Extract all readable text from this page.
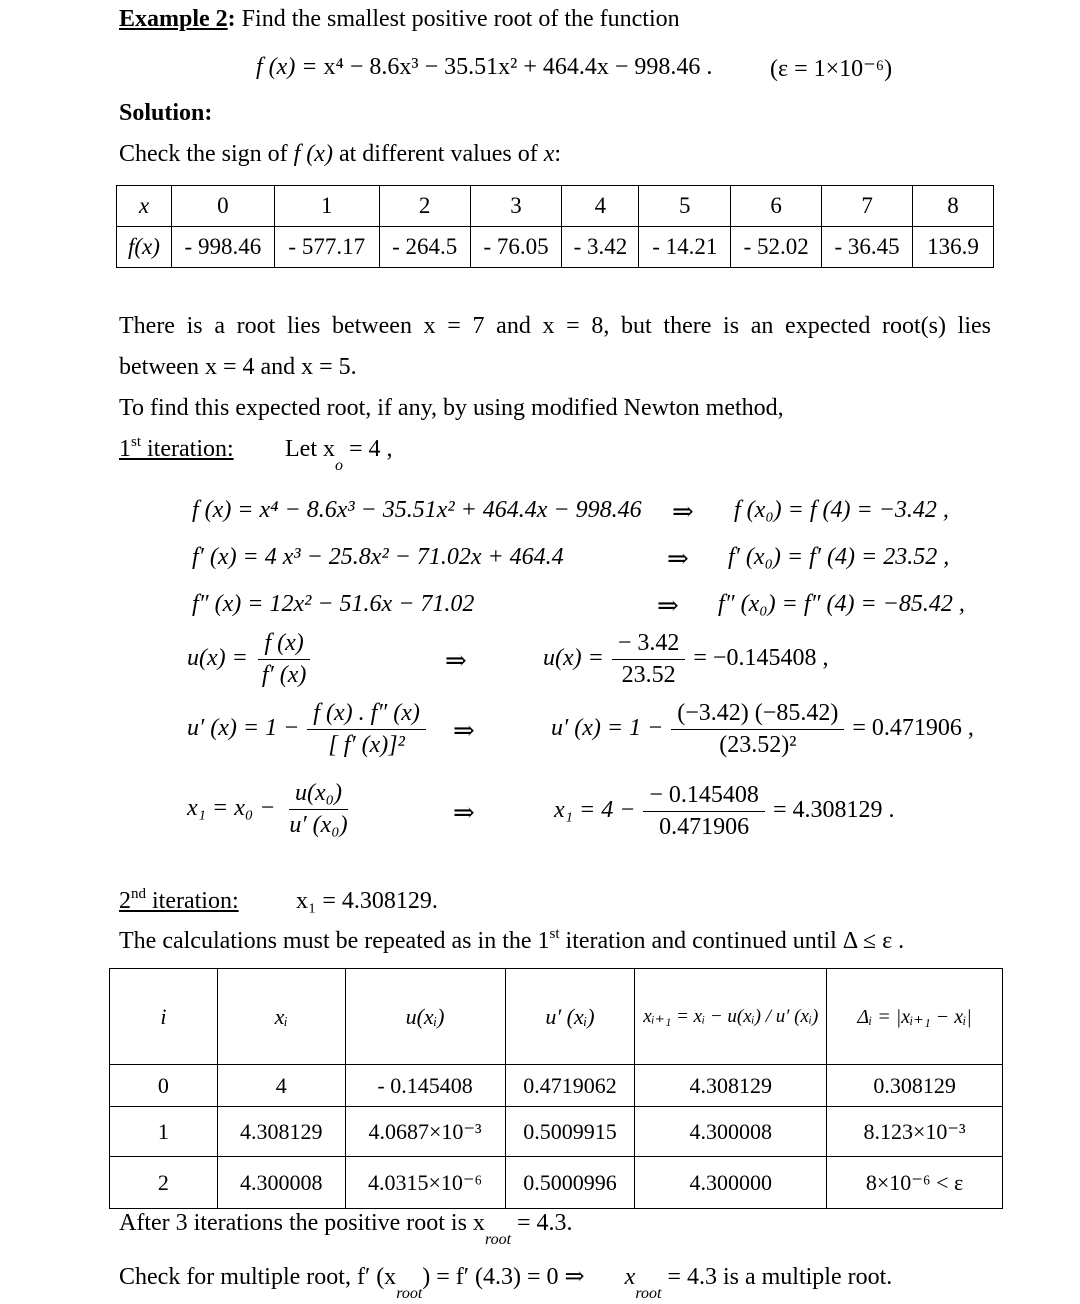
Example 2: Find the smallest positive root of the function
f (x) = x⁴ − 8.6x³ − 35.51x² + 464.4x − 998.46 . (ε = 1×10⁻⁶)
Solution:
Check the sign of f (x) at different values of x:
x	0	1	2	3	4	5	6	7	8
f(x)	- 998.46	- 577.17	- 264.5	- 76.05	- 3.42	- 14.21	- 52.02	- 36.45	136.9
There is a root lies between x = 7 and x = 8, but there is an expected root(s) lies
between x = 4 and x = 5.
To find this expected root, if any, by using modified Newton method,
1st iteration: Let $x_o = 4$ ,
f (x) = x⁴ − 8.6x³ − 35.51x² + 464.4x − 998.46 ⇒ f (x₀) = f (4) = −3.42 ,
f′ (x) = 4 x³ − 25.8x² − 71.02x + 464.4	⇒ f′ (x₀) = f′ (4) = 23.52 ,
f″ (x) = 12x² − 51.6x − 71.02	⇒ f″ (x₀) = f″ (4) = −85.42 ,
$u(x) = \frac{f (x)}{f' (x)}$	⇒	$u(x) = \frac{- 3.42}{23.52} = -0.145408$ ,
u′ $(x) = 1 - \frac{f (x) . f'' (x)}{\text{[ f′ (x)]²}}$ ⇒	u′ $(x) = 1 - \frac{(-3.42) (-85.42)}{\text{(23.52)²}} = 0.471906$ ,
$x_1 = x_0 - \frac{\text{u(x₀)}}{\text{u′ (x₀)}}$	⇒	$x_1 = 4 - \frac{- 0.145408}{0.471906} = 4.308129$ .
2nd iteration: x₁ = 4.308129.
The calculations must be repeated as in the 1st iteration and continued until Δ ≤ ε .
i	xᵢ	u(xᵢ)	u′ (xᵢ)	xᵢ₊₁ = xᵢ − u(xᵢ) / u′ (xᵢ)	Δᵢ = |xᵢ₊₁ − xᵢ|
0	4	- 0.145408	0.4719062	4.308129	0.308129
1	4.308129	4.0687×10⁻³	0.5009915	4.300008	8.123×10⁻³
2	4.300008	4.0315×10⁻⁶	0.5000996	4.300000	8×10⁻⁶ < ε
After 3 iterations the positive root is $x_{root} = 4.3$.
Check for multiple root, f′ $(x_{root}) = f'$ (4.3) = 0 ⇒ $x_{root} = 4.3$ is a multiple root.
